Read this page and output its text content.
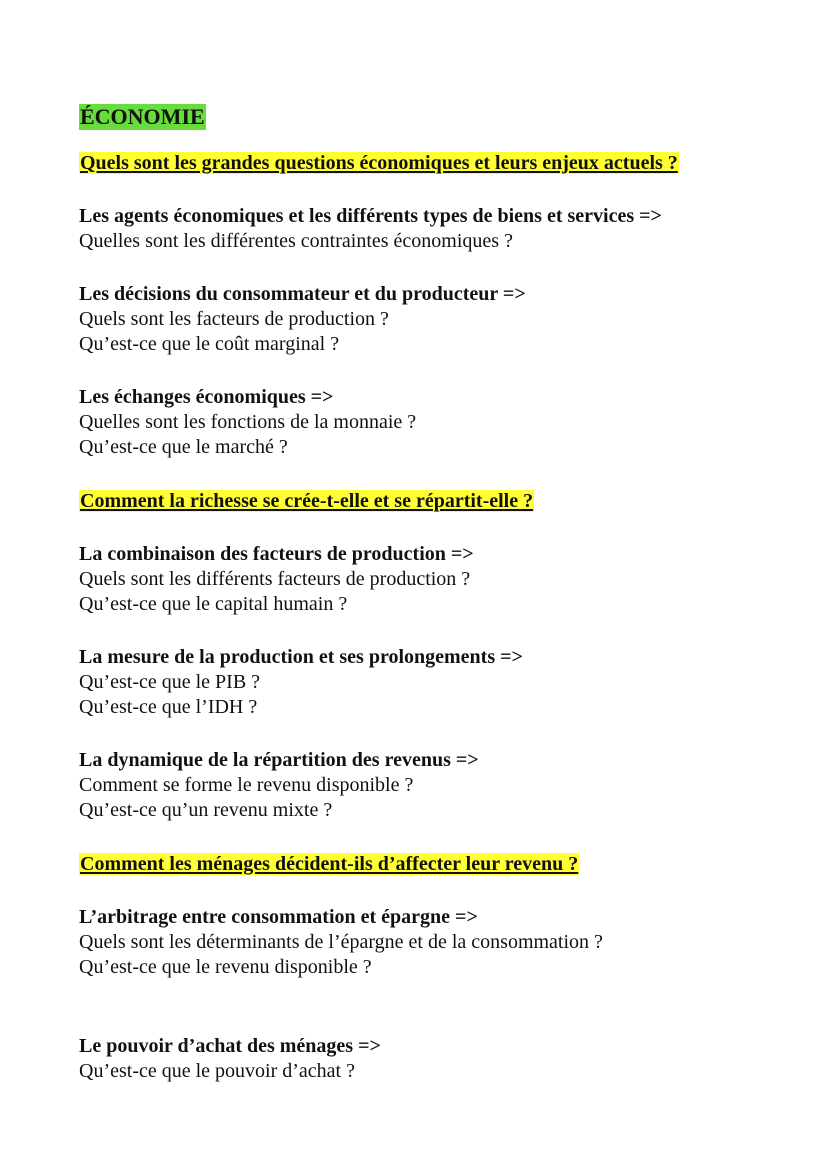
ÉCONOMIE
Quels sont les grandes questions économiques et leurs enjeux actuels ?
Les agents économiques et les différents types de biens et services =>
Quelles sont les différentes contraintes économiques ?
Les décisions du consommateur et du producteur =>
Quels sont les facteurs de production ?
Qu’est-ce que le coût marginal ?
Les échanges économiques =>
Quelles sont les fonctions de la monnaie ?
Qu’est-ce que le marché ?
Comment la richesse se crée-t-elle et se répartit-elle ?
La combinaison des facteurs de production =>
Quels sont les différents facteurs de production ?
Qu’est-ce que le capital humain ?
La mesure de la production et ses prolongements =>
Qu’est-ce que le PIB ?
Qu’est-ce que l’IDH ?
La dynamique de la répartition des revenus =>
Comment se forme le revenu disponible ?
Qu’est-ce qu’un revenu mixte ?
Comment les ménages décident-ils d’affecter leur revenu ?
L’arbitrage entre consommation et épargne =>
Quels sont les déterminants de l’épargne et de la consommation ?
Qu’est-ce que le revenu disponible ?
Le pouvoir d’achat des ménages =>
Qu’est-ce que le pouvoir d’achat ?
